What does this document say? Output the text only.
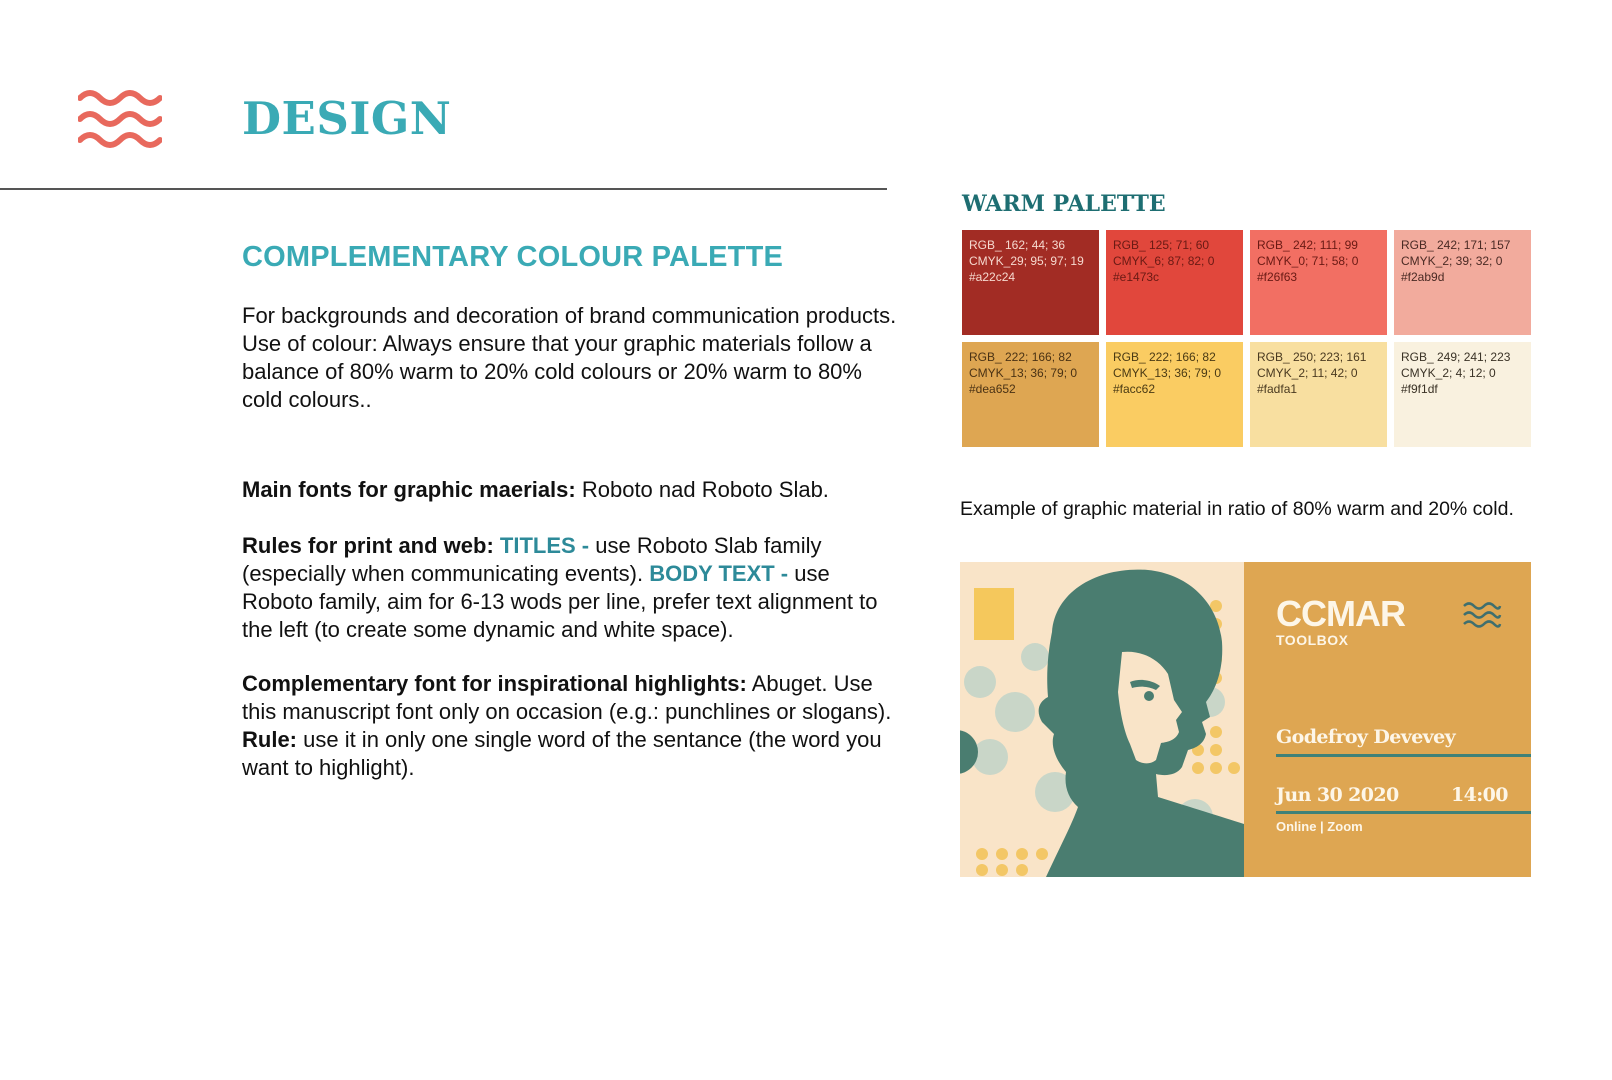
DESIGN
COMPLEMENTARY COLOUR PALETTE
For backgrounds and decoration of brand communication products. Use of colour: Always ensure that your graphic materials follow a balance of 80% warm to 20% cold colours or 20% warm to 80% cold colours..
Main fonts for graphic maerials: Roboto nad Roboto Slab.
Rules for print and web: TITLES - use Roboto Slab family (especially when communicating events). BODY TEXT - use Roboto family, aim for 6-13 wods per line, prefer text alignment to the left (to create some dynamic and white space).
Complementary font for inspirational highlights: Abuget. Use this manuscript font only on occasion (e.g.: punchlines or slogans). Rule: use it in only one single word of the sentance (the word you want to highlight).
WARM PALETTE
RGB_ 162; 44; 36
CMYK_29; 95; 97; 19
#a22c24
RGB_ 125; 71; 60
CMYK_6; 87; 82; 0
#e1473c
RGB_ 242; 111; 99
CMYK_0; 71; 58; 0
#f26f63
RGB_ 242; 171; 157
CMYK_2; 39; 32; 0
#f2ab9d
RGB_ 222; 166; 82
CMYK_13; 36; 79; 0
#dea652
RGB_ 222; 166; 82
CMYK_13; 36; 79; 0
#facc62
RGB_ 250; 223; 161
CMYK_2; 11; 42; 0
#fadfa1
RGB_ 249; 241; 223
CMYK_2; 4; 12; 0
#f9f1df
Example of graphic material in ratio of 80% warm and 20% cold.
CCMAR
TOOLBOX
Godefroy Devevey
Jun 30 2020	14:00
Online | Zoom
